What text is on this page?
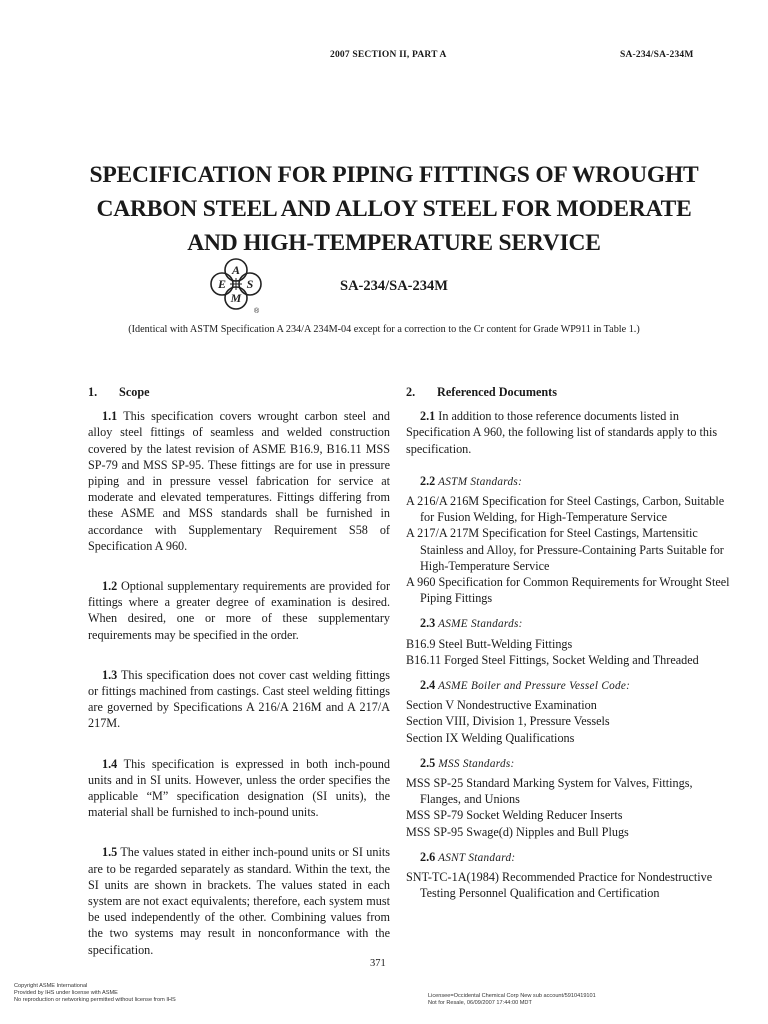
2007 SECTION II, PART A	SA-234/SA-234M
SPECIFICATION FOR PIPING FITTINGS OF WROUGHT
CARBON STEEL AND ALLOY STEEL FOR MODERATE
AND HIGH-TEMPERATURE SERVICE
A
E S
M
®
SA-234/SA-234M
(Identical with ASTM Specification A 234/A 234M-04 except for a correction to the Cr content for Grade WP911 in Table 1.)
1. Scope

1.1 This specification covers wrought carbon steel and alloy steel fittings of seamless and welded construction covered by the latest revision of ASME B16.9, B16.11 MSS SP-79 and MSS SP-95. These fittings are for use in pressure piping and in pressure vessel fabrication for service at moderate and elevated temperatures. Fittings differing from these ASME and MSS standards shall be furnished in accordance with Supplementary Requirement S58 of Specification A 960.

1.2 Optional supplementary requirements are provided for fittings where a greater degree of examination is desired. When desired, one or more of these supplementary requirements may be specified in the order.

1.3 This specification does not cover cast welding fittings or fittings machined from castings. Cast steel welding fittings are governed by Specifications A 216/A 216M and A 217/A 217M.

1.4 This specification is expressed in both inch-pound units and in SI units. However, unless the order specifies the applicable “M” specification designation (SI units), the material shall be furnished to inch-pound units.

1.5 The values stated in either inch-pound units or SI units are to be regarded separately as standard. Within the text, the SI units are shown in brackets. The values stated in each system are not exact equivalents; therefore, each system must be used independently of the other. Combining values from the two systems may result in nonconformance with the specification.

2. Referenced Documents

2.1 In addition to those reference documents listed in Specification A 960, the following list of standards apply to this specification.

2.2 ASTM Standards:

A 216/A 216M Specification for Steel Castings, Carbon, Suitable for Fusion Welding, for High-Temperature Service

A 217/A 217M Specification for Steel Castings, Martensitic Stainless and Alloy, for Pressure-Containing Parts Suitable for High-Temperature Service

A 960 Specification for Common Requirements for Wrought Steel Piping Fittings

2.3 ASME Standards:

B16.9 Steel Butt-Welding Fittings

B16.11 Forged Steel Fittings, Socket Welding and Threaded

2.4 ASME Boiler and Pressure Vessel Code:

Section V Nondestructive Examination

Section VIII, Division 1, Pressure Vessels

Section IX Welding Qualifications

2.5 MSS Standards:

MSS SP-25 Standard Marking System for Valves, Fittings, Flanges, and Unions

MSS SP-79 Socket Welding Reducer Inserts

MSS SP-95 Swage(d) Nipples and Bull Plugs

2.6 ASNT Standard:

SNT-TC-1A(1984) Recommended Practice for Nondestructive Testing Personnel Qualification and Certification

371
Copyright ASME International
Provided by IHS under license with ASME
No reproduction or networking permitted without license from IHS
Licensee=Occidental Chemical Corp New sub account/5910419101
Not for Resale, 06/09/2007 17:44:00 MDT
